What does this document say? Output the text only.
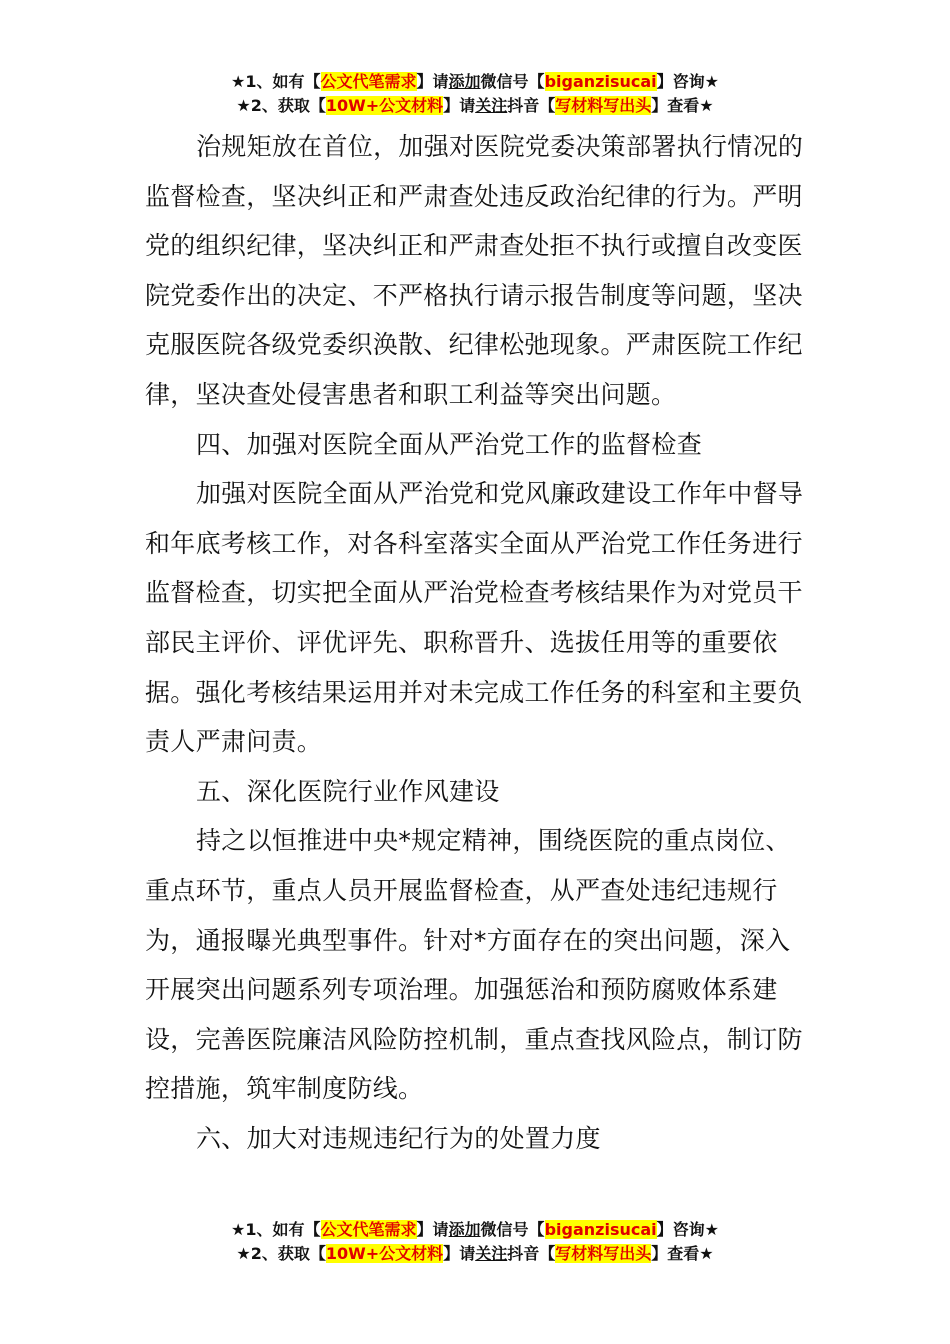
★1、如有【公文代笔需求】请添加微信号【biganzisucai】咨询★
★2、获取【10W+公文材料】请关注抖音【写材料写出头】查看★

治规矩放在首位，加强对医院党委决策部署执行情况的监督检查，坚决纠正和严肃查处违反政治纪律的行为。严明党的组织纪律，坚决纠正和严肃查处拒不执行或擅自改变医院党委作出的决定、不严格执行请示报告制度等问题，坚决克服医院各级党委织涣散、纪律松弛现象。严肃医院工作纪律，坚决查处侵害患者和职工利益等突出问题。

四、加强对医院全面从严治党工作的监督检查

加强对医院全面从严治党和党风廉政建设工作年中督导和年底考核工作，对各科室落实全面从严治党工作任务进行监督检查，切实把全面从严治党检查考核结果作为对党员干部民主评价、评优评先、职称晋升、选拔任用等的重要依据。强化考核结果运用并对未完成工作任务的科室和主要负责人严肃问责。

五、深化医院行业作风建设

持之以恒推进中央*规定精神，围绕医院的重点岗位、重点环节，重点人员开展监督检查，从严查处违纪违规行为，通报曝光典型事件。针对*方面存在的突出问题，深入开展突出问题系列专项治理。加强惩治和预防腐败体系建设，完善医院廉洁风险防控机制，重点查找风险点，制订防控措施，筑牢制度防线。

六、加大对违规违纪行为的处置力度

★1、如有【公文代笔需求】请添加微信号【biganzisucai】咨询★
★2、获取【10W+公文材料】请关注抖音【写材料写出头】查看★
